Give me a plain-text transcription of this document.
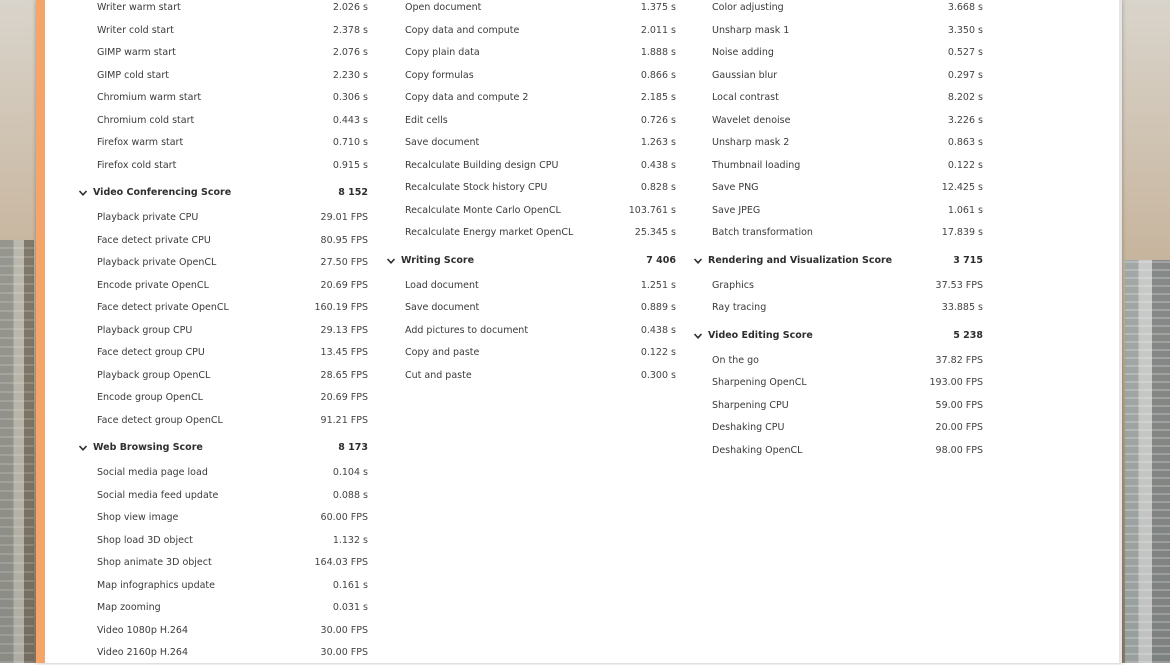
Writer warm start	2.026 s
Writer cold start	2.378 s
GIMP warm start	2.076 s
GIMP cold start	2.230 s
Chromium warm start	0.306 s
Chromium cold start	0.443 s
Firefox warm start	0.710 s
Firefox cold start	0.915 s
Video Conferencing Score	8 152
Playback private CPU	29.01 FPS
Face detect private CPU	80.95 FPS
Playback private OpenCL	27.50 FPS
Encode private OpenCL	20.69 FPS
Face detect private OpenCL	160.19 FPS
Playback group CPU	29.13 FPS
Face detect group CPU	13.45 FPS
Playback group OpenCL	28.65 FPS
Encode group OpenCL	20.69 FPS
Face detect group OpenCL	91.21 FPS
Web Browsing Score	8 173
Social media page load	0.104 s
Social media feed update	0.088 s
Shop view image	60.00 FPS
Shop load 3D object	1.132 s
Shop animate 3D object	164.03 FPS
Map infographics update	0.161 s
Map zooming	0.031 s
Video 1080p H.264	30.00 FPS
Video 2160p H.264	30.00 FPS
Open document	1.375 s
Copy data and compute	2.011 s
Copy plain data	1.888 s
Copy formulas	0.866 s
Copy data and compute 2	2.185 s
Edit cells	0.726 s
Save document	1.263 s
Recalculate Building design CPU	0.438 s
Recalculate Stock history CPU	0.828 s
Recalculate Monte Carlo OpenCL	103.761 s
Recalculate Energy market OpenCL	25.345 s
Writing Score	7 406
Load document	1.251 s
Save document	0.889 s
Add pictures to document	0.438 s
Copy and paste	0.122 s
Cut and paste	0.300 s
Color adjusting	3.668 s
Unsharp mask 1	3.350 s
Noise adding	0.527 s
Gaussian blur	0.297 s
Local contrast	8.202 s
Wavelet denoise	3.226 s
Unsharp mask 2	0.863 s
Thumbnail loading	0.122 s
Save PNG	12.425 s
Save JPEG	1.061 s
Batch transformation	17.839 s
Rendering and Visualization Score	3 715
Graphics	37.53 FPS
Ray tracing	33.885 s
Video Editing Score	5 238
On the go	37.82 FPS
Sharpening OpenCL	193.00 FPS
Sharpening CPU	59.00 FPS
Deshaking CPU	20.00 FPS
Deshaking OpenCL	98.00 FPS
